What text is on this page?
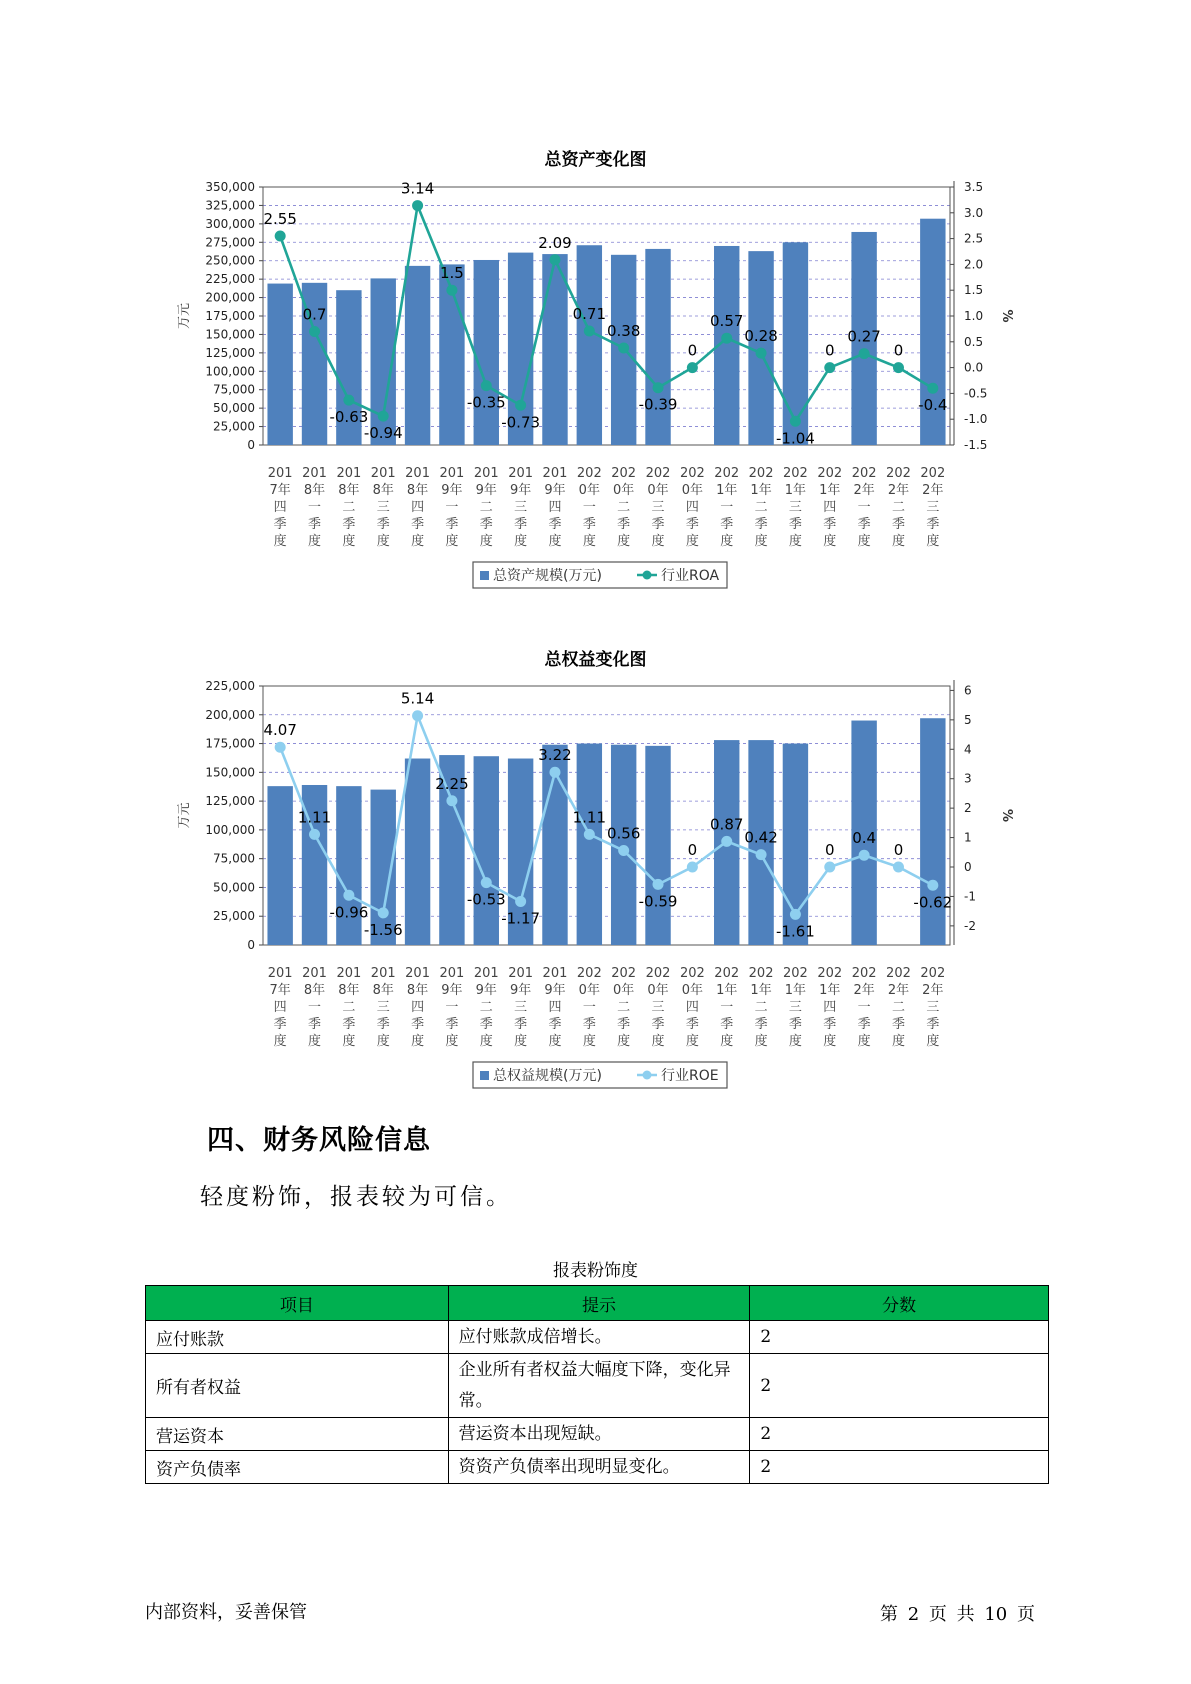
总资产变化图
350,000
325,000
300,000
275,000
250,000
225,000
200,000
175,000
150,000
125,000
100,000
75,000
50,000
25,000
0
3.5
3.0
2.5
2.0
1.5
1.0
0.5
0.0
-0.5
-1.0
-1.5
万元	%
2.55
0.7
-0.63
-0.94
3.14
1.5
-0.35
-0.73
2.09
0.71
0.38
-0.39
0
0.57
0.28
-1.04
0
0.27
0
-0.4
201
7年
四
季
度
201
8年
一
季
度
201
8年
二
季
度
201
8年
三
季
度
201
8年
四
季
度
201
9年
一
季
度
201
9年
二
季
度
201
9年
三
季
度
201
9年
四
季
度
202
0年
一
季
度
202
0年
二
季
度
202
0年
三
季
度
202
0年
四
季
度
202
1年
一
季
度
202
1年
二
季
度
202
1年
三
季
度
202
1年
四
季
度
202
2年
一
季
度
202
2年
二
季
度
202
2年
三
季
度
总资产规模(万元)	行业ROA
总权益变化图
225,000
200,000
175,000
150,000
125,000
100,000
75,000
50,000
25,000
0
6
5
4
3
2
1
0
-1
-2
万元	%
4.07
1.11
-0.96
-1.56
5.14
2.25
-0.53
-1.17
3.22
1.11
0.56
-0.59
0
0.87
0.42
-1.61
0
0.4
0
-0.62
201
7年
四
季
度
201
8年
一
季
度
201
8年
二
季
度
201
8年
三
季
度
201
8年
四
季
度
201
9年
一
季
度
201
9年
二
季
度
201
9年
三
季
度
201
9年
四
季
度
202
0年
一
季
度
202
0年
二
季
度
202
0年
三
季
度
202
0年
四
季
度
202
1年
一
季
度
202
1年
二
季
度
202
1年
三
季
度
202
1年
四
季
度
202
2年
一
季
度
202
2年
二
季
度
202
2年
三
季
度
总权益规模(万元)	行业ROE
四、财务风险信息
轻度粉饰，报表较为可信。
报表粉饰度
项目	提示	分数
应付账款	应付账款成倍增长。	2
所有者权益	企业所有者权益大幅度下降，变化异常。	2
营运资本	营运资本出现短缺。	2
资产负债率	资资产负债率出现明显变化。	2
内部资料，妥善保管	第 2 页 共 10 页
